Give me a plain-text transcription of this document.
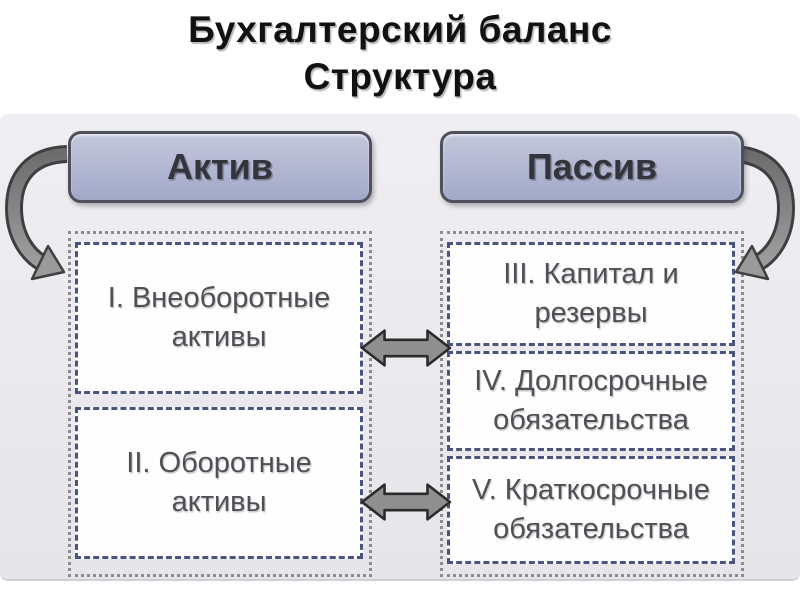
Бухгалтерский баланс
Структура
Актив	Пассив
I. Внеоборотные активы
II. Оборотные активы
III. Капитал и резервы
IV. Долгосрочные обязательства
V. Краткосрочные обязательства
